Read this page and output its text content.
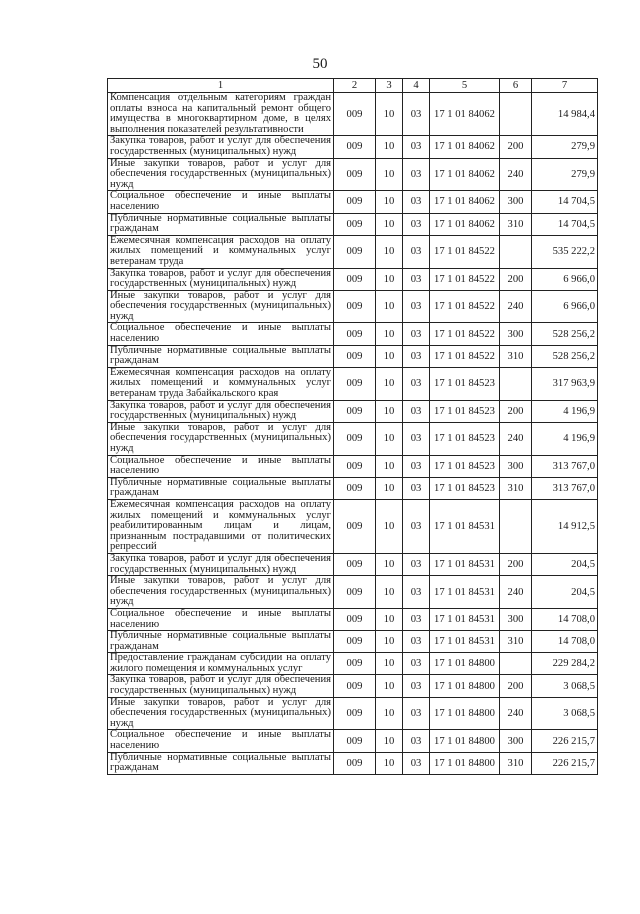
50
1	2	3	4	5	6	7
Компенсация отдельным категориям граждан оплаты взноса на капитальный ремонт общего имущества в многоквартирном доме, в целях выполнения показателей результативности	009	10	03	17 1 01 84062		14 984,4
Закупка товаров, работ и услуг для обеспечения государственных (муниципальных) нужд	009	10	03	17 1 01 84062	200	279,9
Иные закупки товаров, работ и услуг для обеспечения государственных (муниципальных) нужд	009	10	03	17 1 01 84062	240	279,9
Социальное обеспечение и иные выплаты населению	009	10	03	17 1 01 84062	300	14 704,5
Публичные нормативные социальные выплаты гражданам	009	10	03	17 1 01 84062	310	14 704,5
Ежемесячная компенсация расходов на оплату жилых помещений и коммунальных услуг ветеранам труда	009	10	03	17 1 01 84522		535 222,2
Закупка товаров, работ и услуг для обеспечения государственных (муниципальных) нужд	009	10	03	17 1 01 84522	200	6 966,0
Иные закупки товаров, работ и услуг для обеспечения государственных (муниципальных) нужд	009	10	03	17 1 01 84522	240	6 966,0
Социальное обеспечение и иные выплаты населению	009	10	03	17 1 01 84522	300	528 256,2
Публичные нормативные социальные выплаты гражданам	009	10	03	17 1 01 84522	310	528 256,2
Ежемесячная компенсация расходов на оплату жилых помещений и коммунальных услуг ветеранам труда Забайкальского края	009	10	03	17 1 01 84523		317 963,9
Закупка товаров, работ и услуг для обеспечения государственных (муниципальных) нужд	009	10	03	17 1 01 84523	200	4 196,9
Иные закупки товаров, работ и услуг для обеспечения государственных (муниципальных) нужд	009	10	03	17 1 01 84523	240	4 196,9
Социальное обеспечение и иные выплаты населению	009	10	03	17 1 01 84523	300	313 767,0
Публичные нормативные социальные выплаты гражданам	009	10	03	17 1 01 84523	310	313 767,0
Ежемесячная компенсация расходов на оплату жилых помещений и коммунальных услуг реабилитированным лицам и лицам, признанным пострадавшими от политических репрессий	009	10	03	17 1 01 84531		14 912,5
Закупка товаров, работ и услуг для обеспечения государственных (муниципальных) нужд	009	10	03	17 1 01 84531	200	204,5
Иные закупки товаров, работ и услуг для обеспечения государственных (муниципальных) нужд	009	10	03	17 1 01 84531	240	204,5
Социальное обеспечение и иные выплаты населению	009	10	03	17 1 01 84531	300	14 708,0
Публичные нормативные социальные выплаты гражданам	009	10	03	17 1 01 84531	310	14 708,0
Предоставление гражданам субсидии на оплату жилого помещения и коммунальных услуг	009	10	03	17 1 01 84800		229 284,2
Закупка товаров, работ и услуг для обеспечения государственных (муниципальных) нужд	009	10	03	17 1 01 84800	200	3 068,5
Иные закупки товаров, работ и услуг для обеспечения государственных (муниципальных) нужд	009	10	03	17 1 01 84800	240	3 068,5
Социальное обеспечение и иные выплаты населению	009	10	03	17 1 01 84800	300	226 215,7
Публичные нормативные социальные выплаты гражданам	009	10	03	17 1 01 84800	310	226 215,7
